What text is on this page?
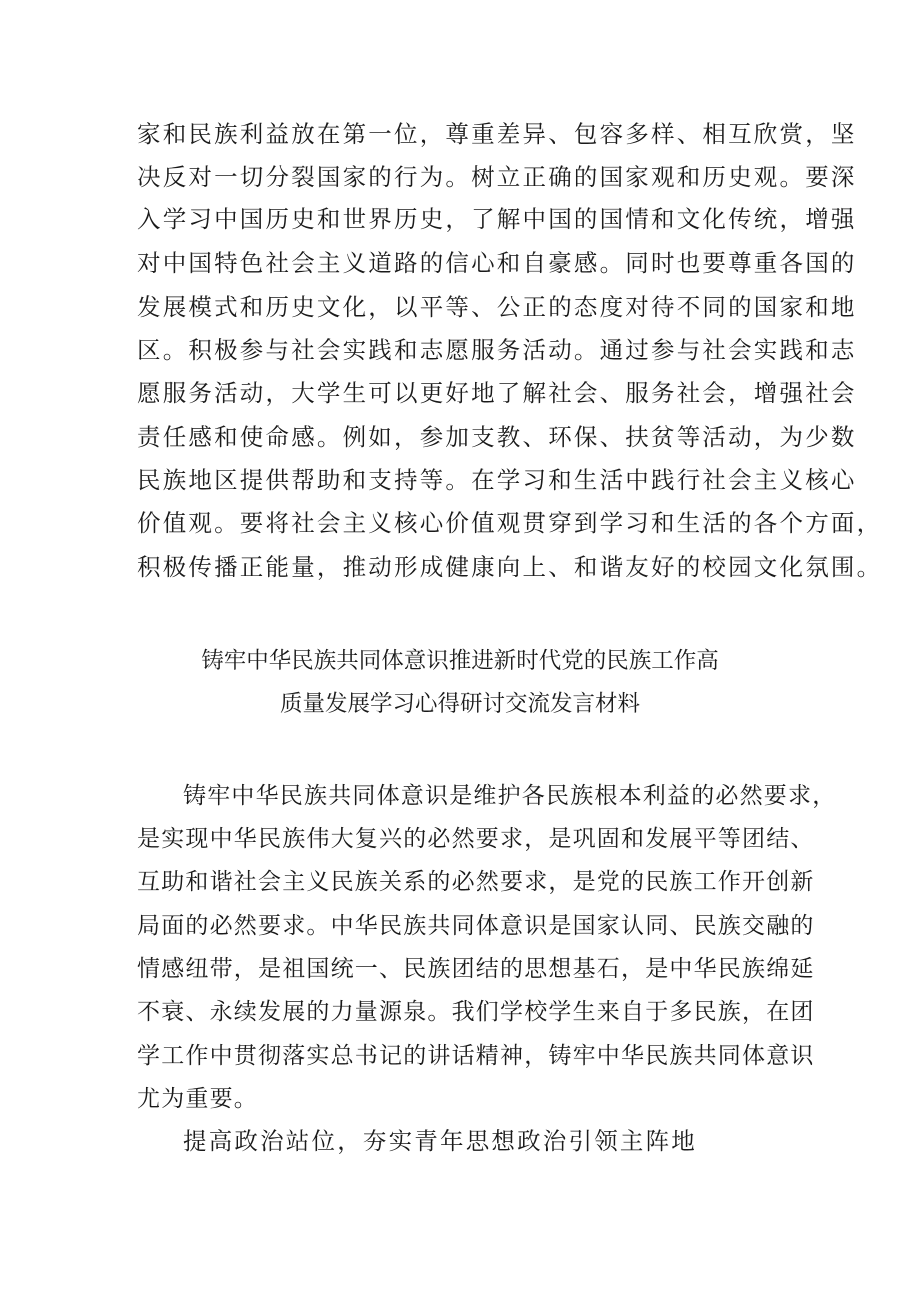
家和民族利益放在第一位，尊重差异、包容多样、相互欣赏，坚
决反对一切分裂国家的行为。树立正确的国家观和历史观。要深
入学习中国历史和世界历史，了解中国的国情和文化传统，增强
对中国特色社会主义道路的信心和自豪感。同时也要尊重各国的
发展模式和历史文化，以平等、公正的态度对待不同的国家和地
区。积极参与社会实践和志愿服务活动。通过参与社会实践和志
愿服务活动，大学生可以更好地了解社会、服务社会，增强社会
责任感和使命感。例如，参加支教、环保、扶贫等活动，为少数
民族地区提供帮助和支持等。在学习和生活中践行社会主义核心
价值观。要将社会主义核心价值观贯穿到学习和生活的各个方面，
积极传播正能量，推动形成健康向上、和谐友好的校园文化氛围。
铸牢中华民族共同体意识推进新时代党的民族工作高
质量发展学习心得研讨交流发言材料
铸牢中华民族共同体意识是维护各民族根本利益的必然要求，
是实现中华民族伟大复兴的必然要求，是巩固和发展平等团结、
互助和谐社会主义民族关系的必然要求，是党的民族工作开创新
局面的必然要求。中华民族共同体意识是国家认同、民族交融的
情感纽带，是祖国统一、民族团结的思想基石，是中华民族绵延
不衰、永续发展的力量源泉。我们学校学生来自于多民族，在团
学工作中贯彻落实总书记的讲话精神，铸牢中华民族共同体意识
尤为重要。
提高政治站位，夯实青年思想政治引领主阵地
